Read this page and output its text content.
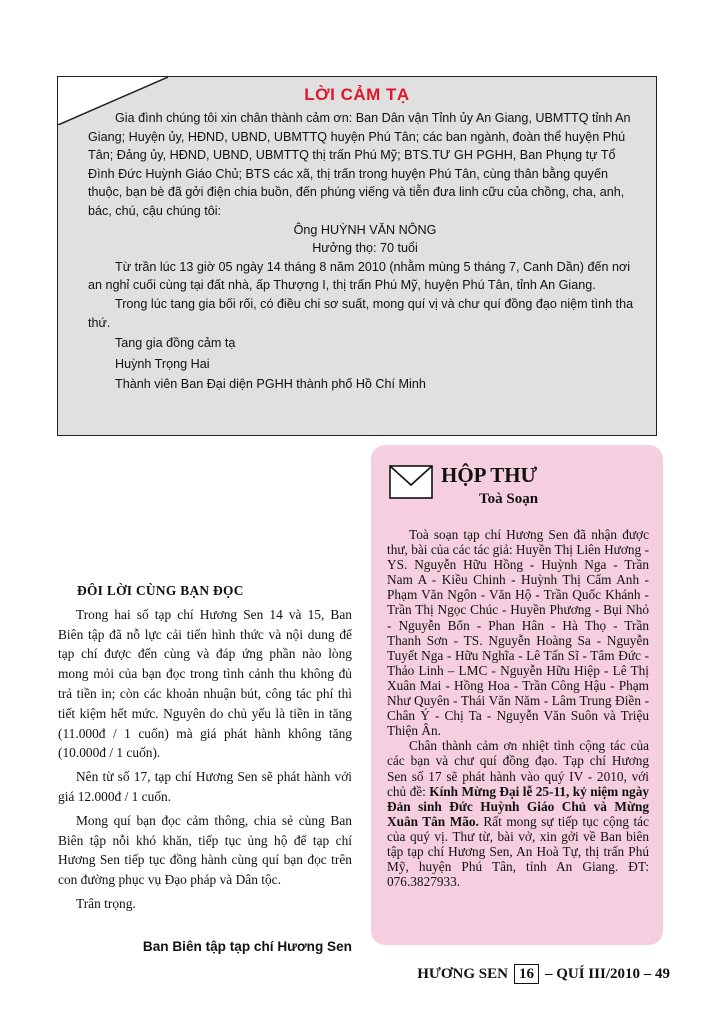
LỜI CẢM TẠ

Gia đình chúng tôi xin chân thành cảm ơn: Ban Dân vận Tỉnh ủy An Giang, UBMTTQ tỉnh An Giang; Huyện ủy, HĐND, UBND, UBMTTQ huyện Phú Tân; các ban ngành, đoàn thể huyện Phú Tân; Đảng ủy, HĐND, UBND, UBMTTQ thị trấn Phú Mỹ; BTS.TƯ GH PGHH, Ban Phụng tự Tổ Đình Đức Huỳnh Giáo Chủ; BTS các xã, thị trấn trong huyện Phú Tân, cùng thân bằng quyến thuộc, bạn bè đã gởi điện chia buồn, đến phúng viếng và tiễn đưa linh cữu của chồng, cha, anh, bác, chú, cậu chúng tôi:

Ông HUỲNH VĂN NÔNG

Hưởng thọ: 70 tuổi

Từ trần lúc 13 giờ 05 ngày 14 tháng 8 năm 2010 (nhằm mùng 5 tháng 7, Canh Dần) đến nơi an nghỉ cuối cùng tại đất nhà, ấp Thượng I, thị trấn Phú Mỹ, huyện Phú Tân, tỉnh An Giang.

Trong lúc tang gia bối rối, có điều chi sơ suất, mong quí vị và chư quí đồng đạo niệm tình tha thứ.

Tang gia đồng cảm tạ

Huỳnh Trọng Hai

Thành viên Ban Đại diện PGHH thành phố Hồ Chí Minh

HỘP THƯ
Toà Soạn

Toà soạn tạp chí Hương Sen đã nhận được thư, bài của các tác giả: Huyền Thị Liên Hương - YS. Nguyễn Hữu Hồng - Huỳnh Nga - Trần Nam A - Kiều Chinh - Huỳnh Thị Cẩm Anh - Phạm Văn Ngôn - Văn Hộ - Trần Quốc Khánh - Trần Thị Ngọc Chúc - Huyền Phương - Bụi Nhỏ - Nguyễn Bổn - Phan Hân - Hà Thọ - Trần Thanh Sơn - TS. Nguyễn Hoàng Sa - Nguyễn Tuyết Nga - Hữu Nghĩa - Lê Tấn Sĩ - Tâm Đức - Thảo Linh – LMC - Nguyễn Hữu Hiệp - Lê Thị Xuân Mai - Hồng Hoa - Trần Công Hậu - Phạm Như Quyên - Thái Văn Năm - Lâm Trung Điền - Chân Ý - Chị Ta - Nguyễn Văn Suôn và Triệu Thiện Ân.

Chân thành cảm ơn nhiệt tình cộng tác của các bạn và chư quí đồng đạo. Tạp chí Hương Sen số 17 sẽ phát hành vào quý IV - 2010, với chủ đề: Kính Mừng Đại lễ 25-11, kỷ niệm ngày Đản sinh Đức Huỳnh Giáo Chủ và Mừng Xuân Tân Mão. Rất mong sự tiếp tục cộng tác của quý vị. Thư từ, bài vở, xin gởi về Ban biên tập tạp chí Hương Sen, An Hoà Tự, thị trấn Phú Mỹ, huyện Phú Tân, tỉnh An Giang. ĐT: 076.3827933.

ĐÔI LỜI CÙNG BẠN ĐỌC

Trong hai số tạp chí Hương Sen 14 và 15, Ban Biên tập đã nỗ lực cải tiến hình thức và nội dung để tạp chí được đến cùng và đáp ứng phần nào lòng mong mỏi của bạn đọc trong tình cảnh thu không đủ trả tiền in; còn các khoản nhuận bút, công tác phí thì tiết kiệm hết mức. Nguyên do chủ yếu là tiền in tăng (11.000đ / 1 cuốn) mà giá phát hành không tăng (10.000đ / 1 cuốn).

Nên từ số 17, tạp chí Hương Sen sẽ phát hành với giá 12.000đ / 1 cuốn.

Mong quí bạn đọc cảm thông, chia sẻ cùng Ban Biên tập nỗi khó khăn, tiếp tục ủng hộ để tạp chí Hương Sen tiếp tục đồng hành cùng quí bạn đọc trên con đường phục vụ Đạo pháp và Dân tộc.

Trân trọng.

Ban Biên tập tạp chí Hương Sen
HƯƠNG SEN 16 – QUÍ III/2010 – 49
